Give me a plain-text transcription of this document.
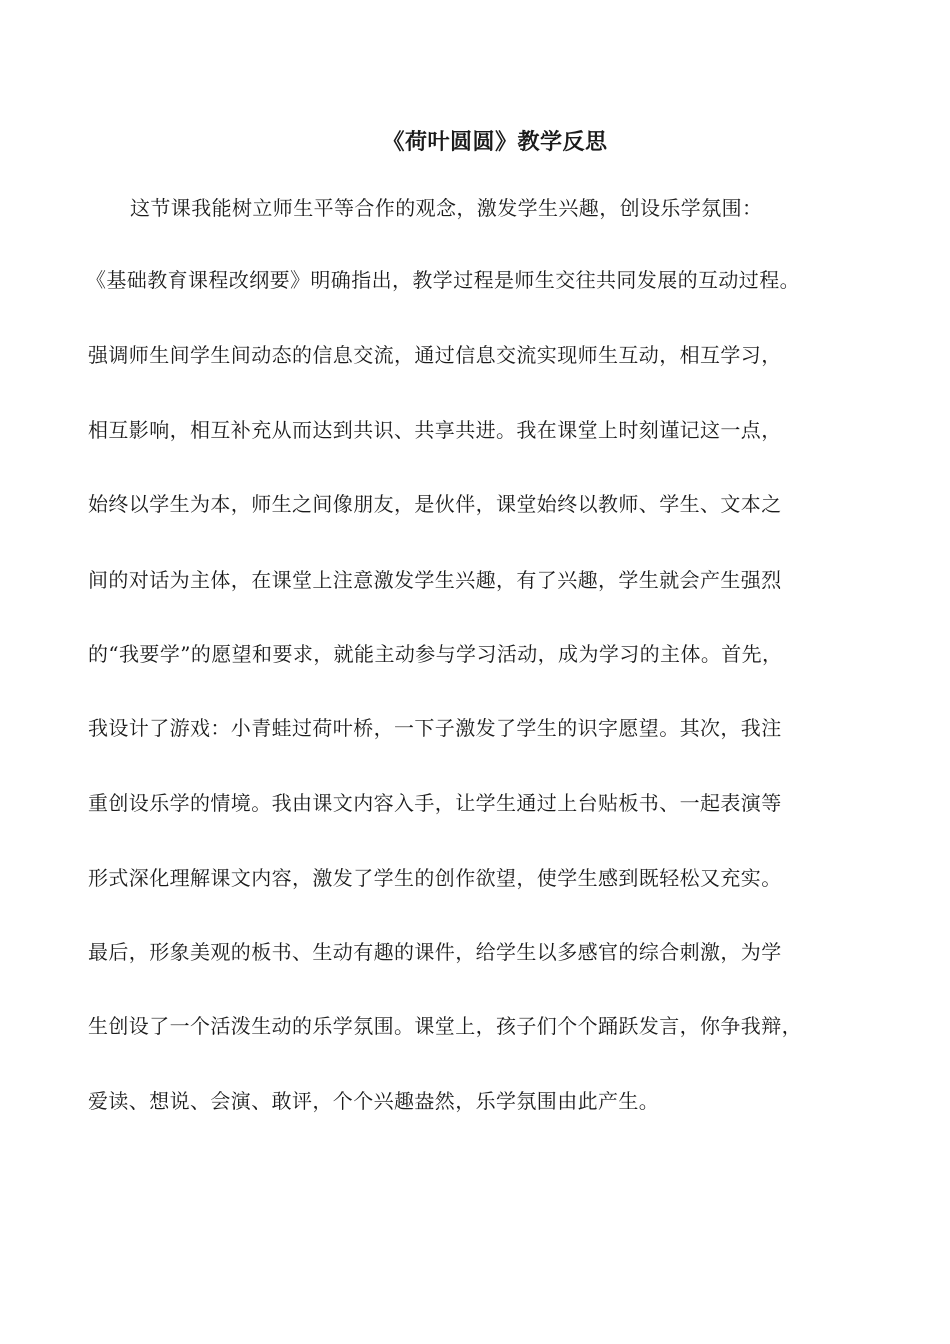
《荷叶圆圆》教学反思
这节课我能树立师生平等合作的观念，激发学生兴趣，创设乐学氛围：
《基础教育课程改纲要》明确指出，教学过程是师生交往共同发展的互动过程。
强调师生间学生间动态的信息交流，通过信息交流实现师生互动，相互学习，
相互影响，相互补充从而达到共识、共享共进。我在课堂上时刻谨记这一点，
始终以学生为本，师生之间像朋友，是伙伴，课堂始终以教师、学生、文本之
间的对话为主体，在课堂上注意激发学生兴趣，有了兴趣，学生就会产生强烈
的“我要学”的愿望和要求，就能主动参与学习活动，成为学习的主体。首先，
我设计了游戏：小青蛙过荷叶桥，一下子激发了学生的识字愿望。其次，我注
重创设乐学的情境。我由课文内容入手，让学生通过上台贴板书、一起表演等
形式深化理解课文内容，激发了学生的创作欲望，使学生感到既轻松又充实。
最后，形象美观的板书、生动有趣的课件，给学生以多感官的综合刺激，为学
生创设了一个活泼生动的乐学氛围。课堂上，孩子们个个踊跃发言，你争我辩，
爱读、想说、会演、敢评，个个兴趣盎然，乐学氛围由此产生。
